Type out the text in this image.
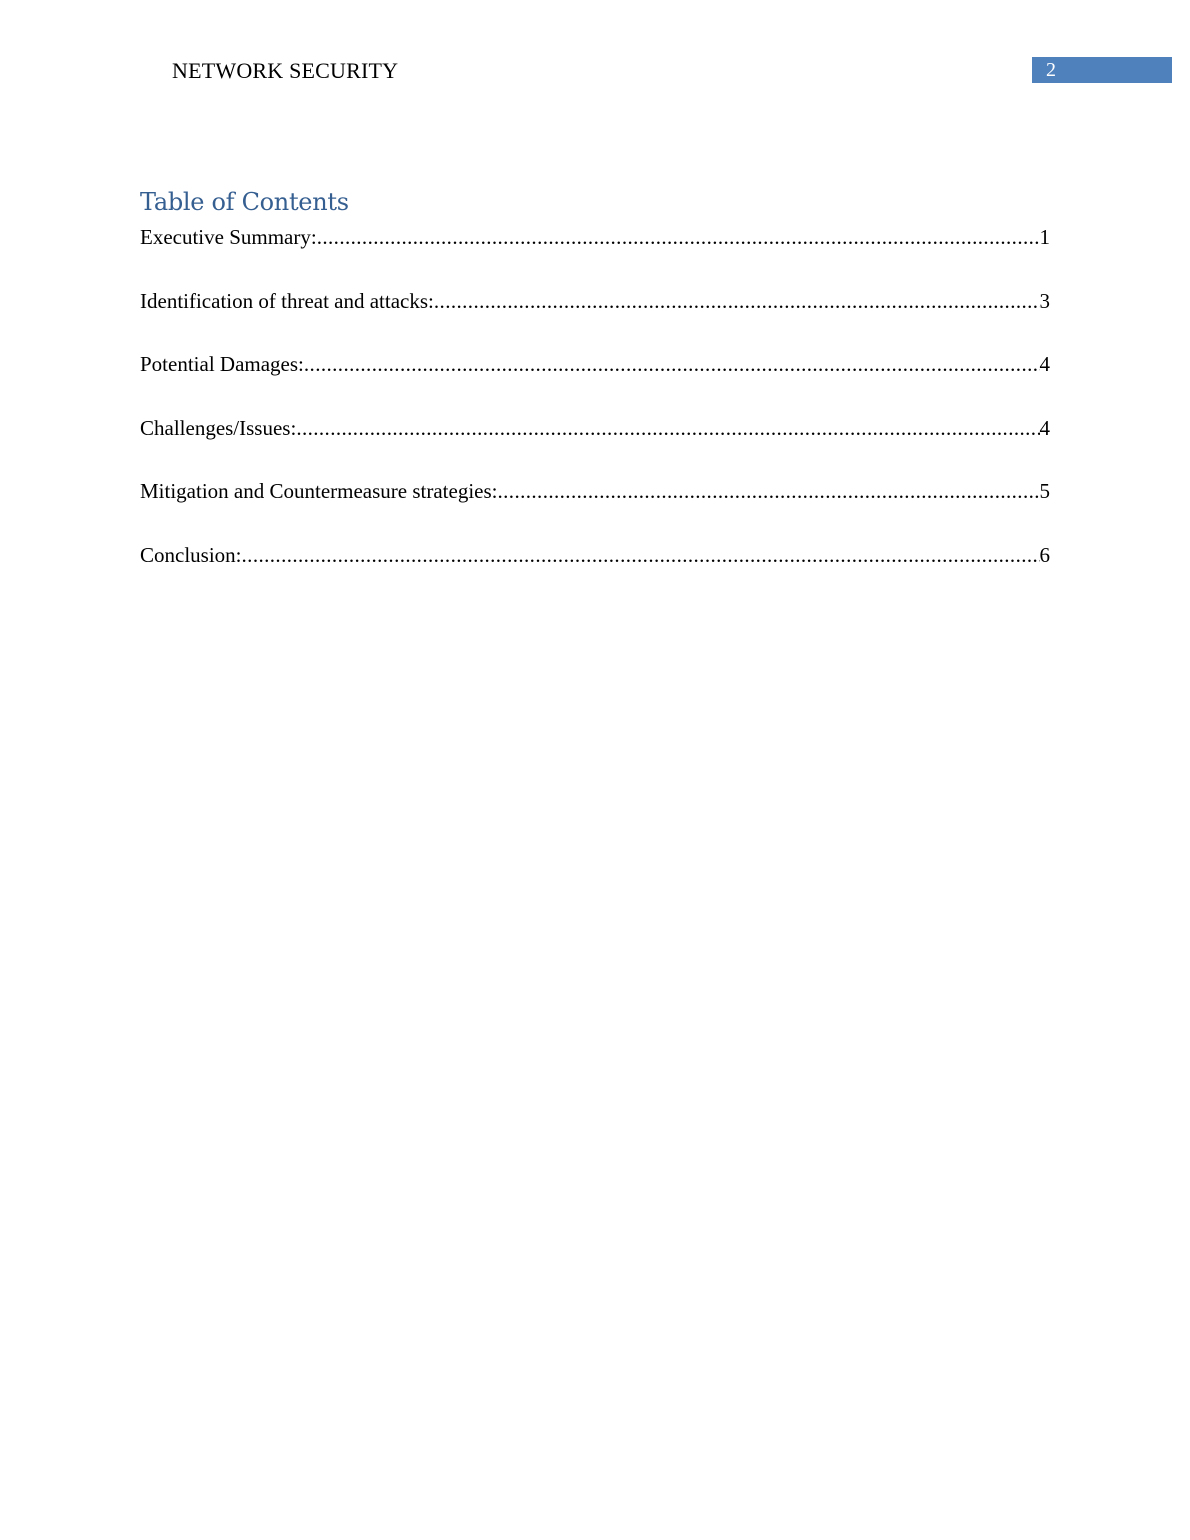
NETWORK SECURITY	2
Table of Contents
Executive Summary: .....	1
Identification of threat and attacks: .....	3
Potential Damages: .....	4
Challenges/Issues: .....	4
Mitigation and Countermeasure strategies: .....	5
Conclusion: .....	6
